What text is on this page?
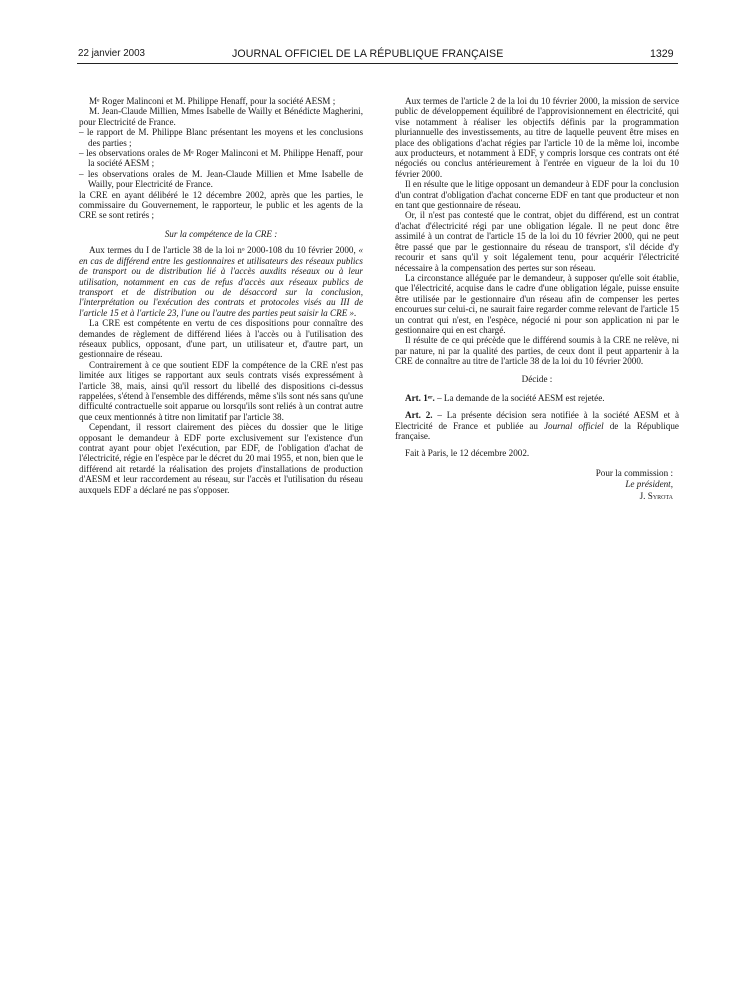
22 janvier 2003	JOURNAL OFFICIEL DE LA RÉPUBLIQUE FRANÇAISE	1329

Mᵉ Roger Malinconi et M. Philippe Henaff, pour la société AESM ;

M. Jean-Claude Millien, Mmes Isabelle de Wailly et Bénédicte Magherini, pour Electricité de France.

– le rapport de M. Philippe Blanc présentant les moyens et les conclusions des parties ;

– les observations orales de Mᵉ Roger Malinconi et M. Philippe Henaff, pour la société AESM ;

– les observations orales de M. Jean-Claude Millien et Mme Isabelle de Wailly, pour Electricité de France.

la CRE en ayant délibéré le 12 décembre 2002, après que les parties, le commissaire du Gouvernement, le rapporteur, le public et les agents de la CRE se sont retirés ;

Sur la compétence de la CRE :

Aux termes du I de l'article 38 de la loi nᵒ 2000-108 du 10 février 2000, « en cas de différend entre les gestionnaires et utilisateurs des réseaux publics de transport ou de distribution lié à l'accès auxdits réseaux ou à leur utilisation, notamment en cas de refus d'accès aux réseaux publics de transport et de distribution ou de désaccord sur la conclusion, l'interprétation ou l'exécution des contrats et protocoles visés au III de l'article 15 et à l'article 23, l'une ou l'autre des parties peut saisir la CRE ».

La CRE est compétente en vertu de ces dispositions pour connaître des demandes de règlement de différend liées à l'accès ou à l'utilisation des réseaux publics, opposant, d'une part, un utilisateur et, d'autre part, un gestionnaire de réseau.

Contrairement à ce que soutient EDF la compétence de la CRE n'est pas limitée aux litiges se rapportant aux seuls contrats visés expressément à l'article 38, mais, ainsi qu'il ressort du libellé des dispositions ci-dessus rappelées, s'étend à l'ensemble des différends, même s'ils sont nés sans qu'une difficulté contractuelle soit apparue ou lorsqu'ils sont reliés à un contrat autre que ceux mentionnés à titre non limitatif par l'article 38.

Cependant, il ressort clairement des pièces du dossier que le litige opposant le demandeur à EDF porte exclusivement sur l'existence d'un contrat ayant pour objet l'exécution, par EDF, de l'obligation d'achat de l'électricité, régie en l'espèce par le décret du 20 mai 1955, et non, bien que le différend ait retardé la réalisation des projets d'installations de production d'AESM et leur raccordement au réseau, sur l'accès et l'utilisation du réseau auxquels EDF a déclaré ne pas s'opposer.

Aux termes de l'article 2 de la loi du 10 février 2000, la mission de service public de développement équilibré de l'approvisionnement en électricité, qui vise notamment à réaliser les objectifs définis par la programmation pluriannuelle des investissements, au titre de laquelle peuvent être mises en place des obligations d'achat régies par l'article 10 de la même loi, incombe aux producteurs, et notamment à EDF, y compris lorsque ces contrats ont été négociés ou conclus antérieurement à l'entrée en vigueur de la loi du 10 février 2000.

Il en résulte que le litige opposant un demandeur à EDF pour la conclusion d'un contrat d'obligation d'achat concerne EDF en tant que producteur et non en tant que gestionnaire de réseau.

Or, il n'est pas contesté que le contrat, objet du différend, est un contrat d'achat d'électricité régi par une obligation légale. Il ne peut donc être assimilé à un contrat de l'article 15 de la loi du 10 février 2000, qui ne peut être passé que par le gestionnaire du réseau de transport, s'il décide d'y recourir et sans qu'il y soit légalement tenu, pour acquérir l'électricité nécessaire à la compensation des pertes sur son réseau.

La circonstance alléguée par le demandeur, à supposer qu'elle soit établie, que l'électricité, acquise dans le cadre d'une obligation légale, puisse ensuite être utilisée par le gestionnaire d'un réseau afin de compenser les pertes encourues sur celui-ci, ne saurait faire regarder comme relevant de l'article 15 un contrat qui n'est, en l'espèce, négocié ni pour son application ni par le gestionnaire qui en est chargé.

Il résulte de ce qui précède que le différend soumis à la CRE ne relève, ni par nature, ni par la qualité des parties, de ceux dont il peut appartenir à la CRE de connaître au titre de l'article 38 de la loi du 10 février 2000.

Décide :

Art. 1ᵉʳ. – La demande de la société AESM est rejetée.

Art. 2. – La présente décision sera notifiée à la société AESM et à Electricité de France et publiée au Journal officiel de la République française.

Fait à Paris, le 12 décembre 2002.

Pour la commission :
Le président,
J. Syrota
